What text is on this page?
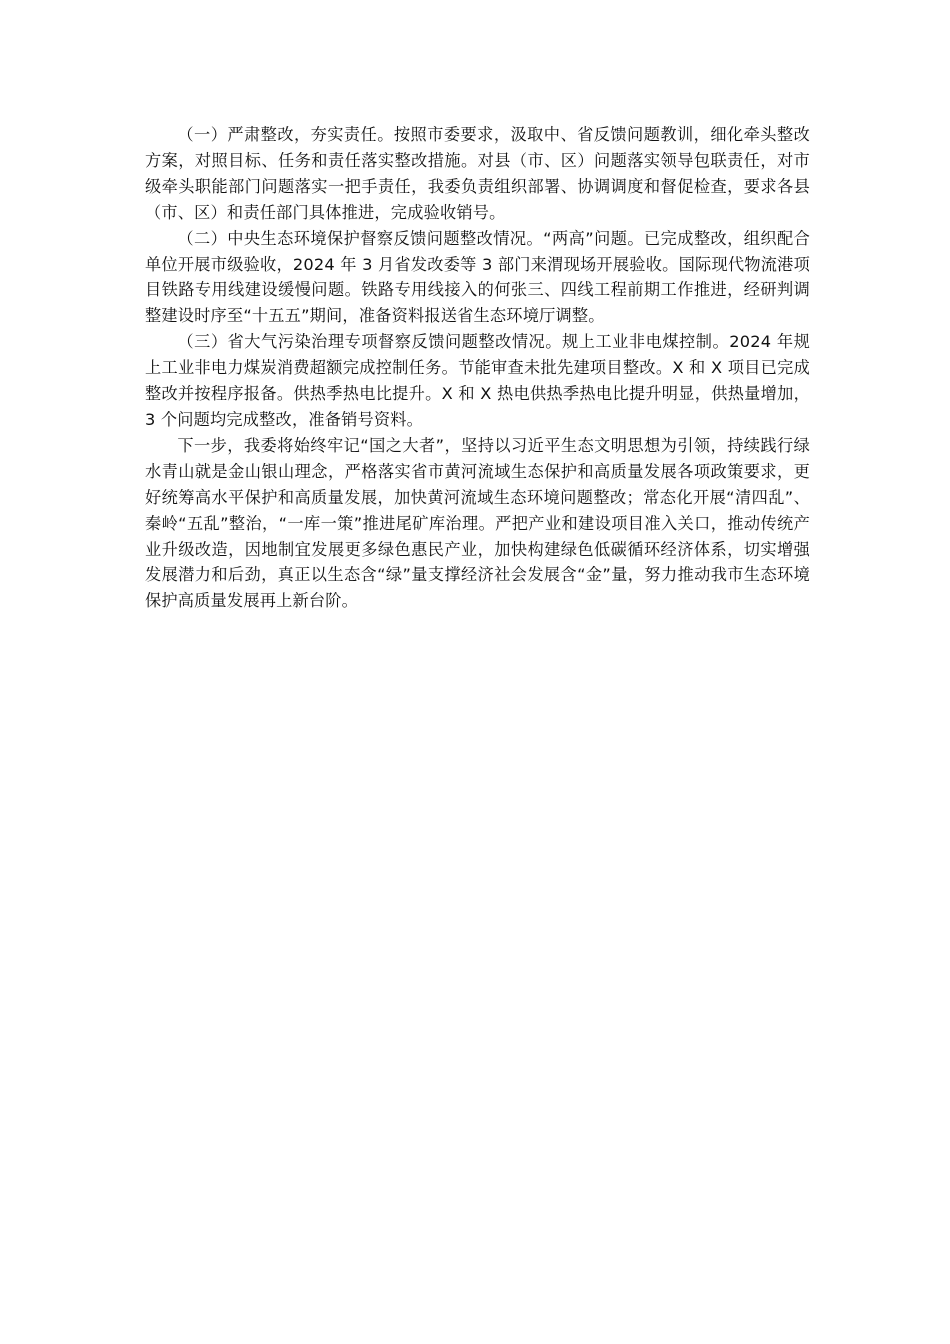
（一）严肃整改，夯实责任。按照市委要求，汲取中、省反馈问题教训，细化牵头整改方案，对照目标、任务和责任落实整改措施。对县（市、区）问题落实领导包联责任，对市级牵头职能部门问题落实一把手责任，我委负责组织部署、协调调度和督促检查，要求各县（市、区）和责任部门具体推进，完成验收销号。

（二）中央生态环境保护督察反馈问题整改情况。“两高”问题。已完成整改，组织配合单位开展市级验收，2024 年 3 月省发改委等 3 部门来渭现场开展验收。国际现代物流港项目铁路专用线建设缓慢问题。铁路专用线接入的何张三、四线工程前期工作推进，经研判调整建设时序至“十五五”期间，准备资料报送省生态环境厅调整。

（三）省大气污染治理专项督察反馈问题整改情况。规上工业非电煤控制。2024 年规上工业非电力煤炭消费超额完成控制任务。节能审查未批先建项目整改。X 和 X 项目已完成整改并按程序报备。供热季热电比提升。X 和 X 热电供热季热电比提升明显，供热量增加，3 个问题均完成整改，准备销号资料。

下一步，我委将始终牢记“国之大者”，坚持以习近平生态文明思想为引领，持续践行绿水青山就是金山银山理念，严格落实省市黄河流域生态保护和高质量发展各项政策要求，更好统筹高水平保护和高质量发展，加快黄河流域生态环境问题整改；常态化开展“清四乱”、秦岭“五乱”整治，“一库一策”推进尾矿库治理。严把产业和建设项目准入关口，推动传统产业升级改造，因地制宜发展更多绿色惠民产业，加快构建绿色低碳循环经济体系，切实增强发展潜力和后劲，真正以生态含“绿”量支撑经济社会发展含“金”量，努力推动我市生态环境保护高质量发展再上新台阶。
